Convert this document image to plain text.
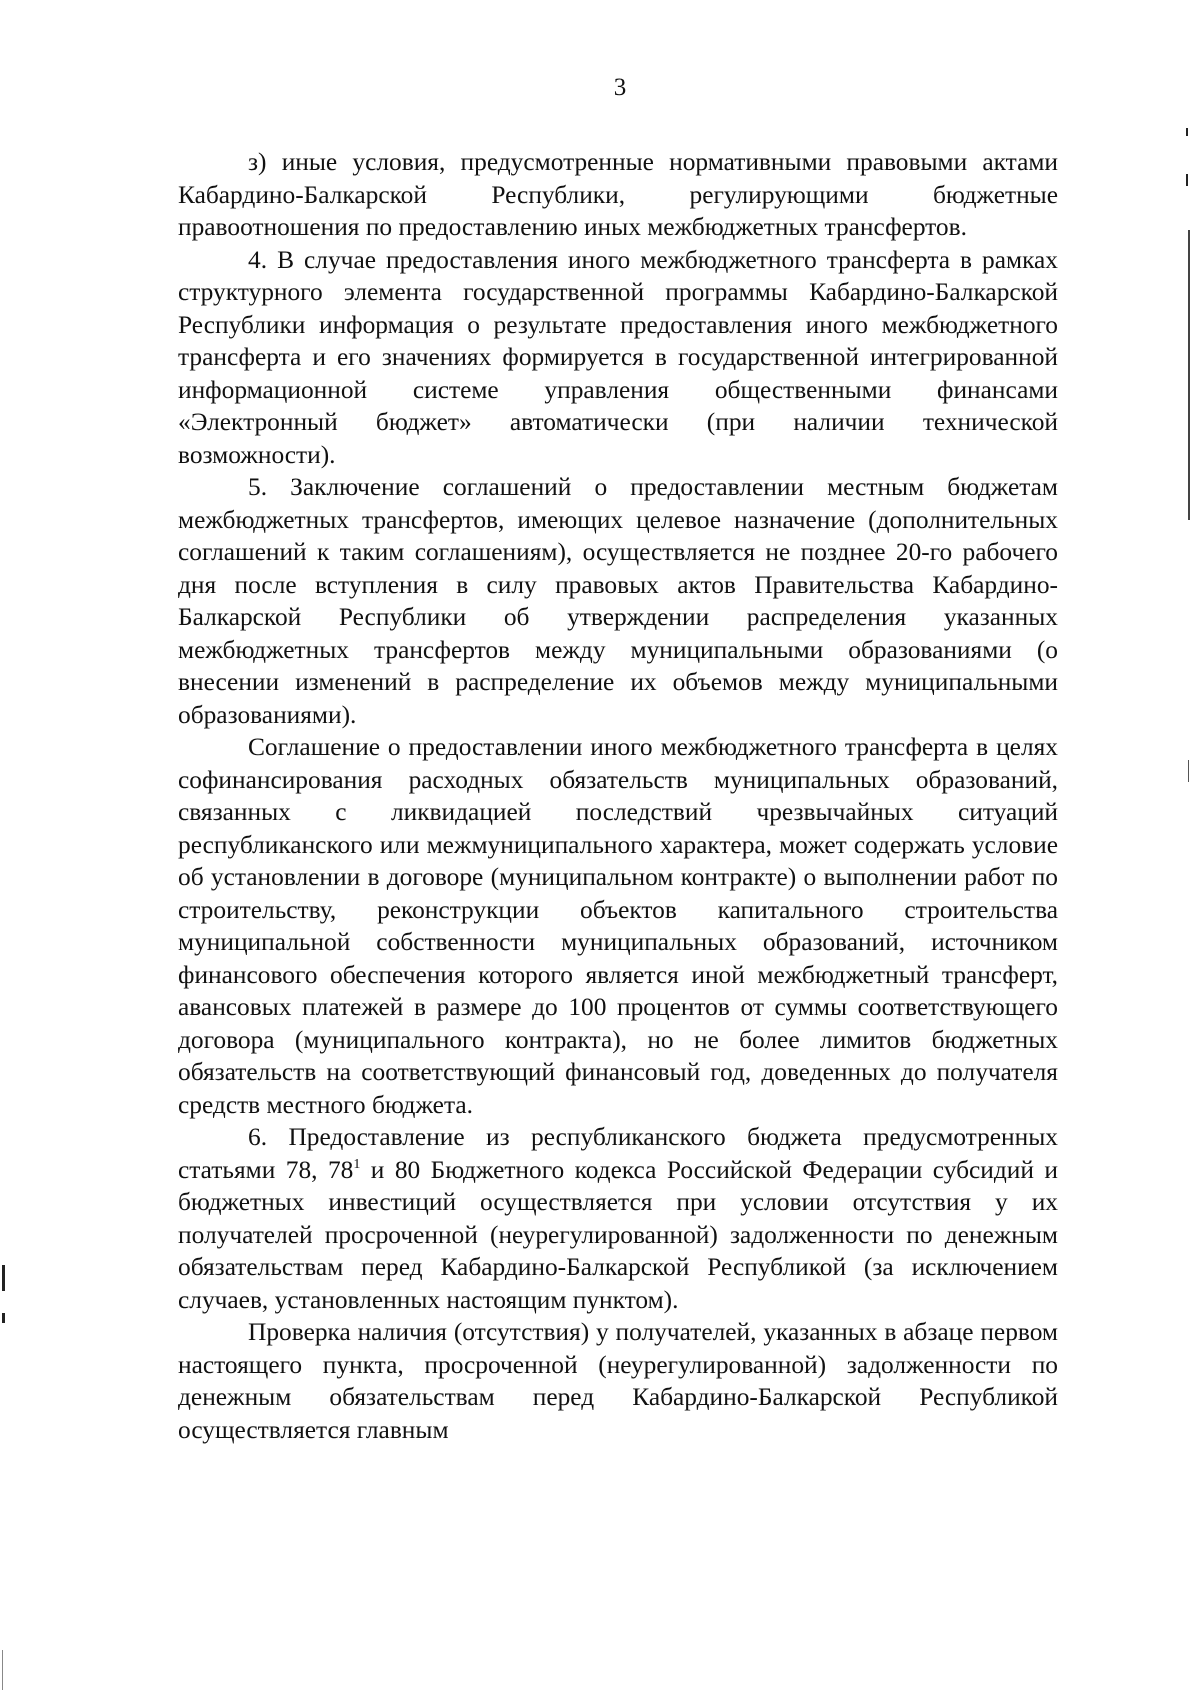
3

з) иные условия, предусмотренные нормативными правовыми актами Кабардино-Балкарской Республики, регулирующими бюджетные правоотношения по предоставлению иных межбюджетных трансфертов.

4. В случае предоставления иного межбюджетного трансферта в рамках структурного элемента государственной программы Кабардино-Балкарской Республики информация о результате предоставления иного межбюджетного трансферта и его значениях формируется в государственной интегрированной информационной системе управления общественными финансами «Электронный бюджет» автоматически (при наличии технической возможности).

5. Заключение соглашений о предоставлении местным бюджетам межбюджетных трансфертов, имеющих целевое назначение (дополнительных соглашений к таким соглашениям), осуществляется не позднее 20-го рабочего дня после вступления в силу правовых актов Правительства Кабардино-Балкарской Республики об утверждении распределения указанных межбюджетных трансфертов между муниципальными образованиями (о внесении изменений в распределение их объемов между муниципальными образованиями).

Соглашение о предоставлении иного межбюджетного трансферта в целях софинансирования расходных обязательств муниципальных образований, связанных с ликвидацией последствий чрезвычайных ситуаций республиканского или межмуниципального характера, может содержать условие об установлении в договоре (муниципальном контракте) о выполнении работ по строительству, реконструкции объектов капитального строительства муниципальной собственности муниципальных образований, источником финансового обеспечения которого является иной межбюджетный трансферт, авансовых платежей в размере до 100 процентов от суммы соответствующего договора (муниципального контракта), но не более лимитов бюджетных обязательств на соответствующий финансовый год, доведенных до получателя средств местного бюджета.

6. Предоставление из республиканского бюджета предусмотренных статьями 78, $78^1$ и 80 Бюджетного кодекса Российской Федерации субсидий и бюджетных инвестиций осуществляется при условии отсутствия у их получателей просроченной (неурегулированной) задолженности по денежным обязательствам перед Кабардино-Балкарской Республикой (за исключением случаев, установленных настоящим пунктом).

Проверка наличия (отсутствия) у получателей, указанных в абзаце первом настоящего пункта, просроченной (неурегулированной) задолженности по денежным обязательствам перед Кабардино-Балкарской Республикой осуществляется главным
